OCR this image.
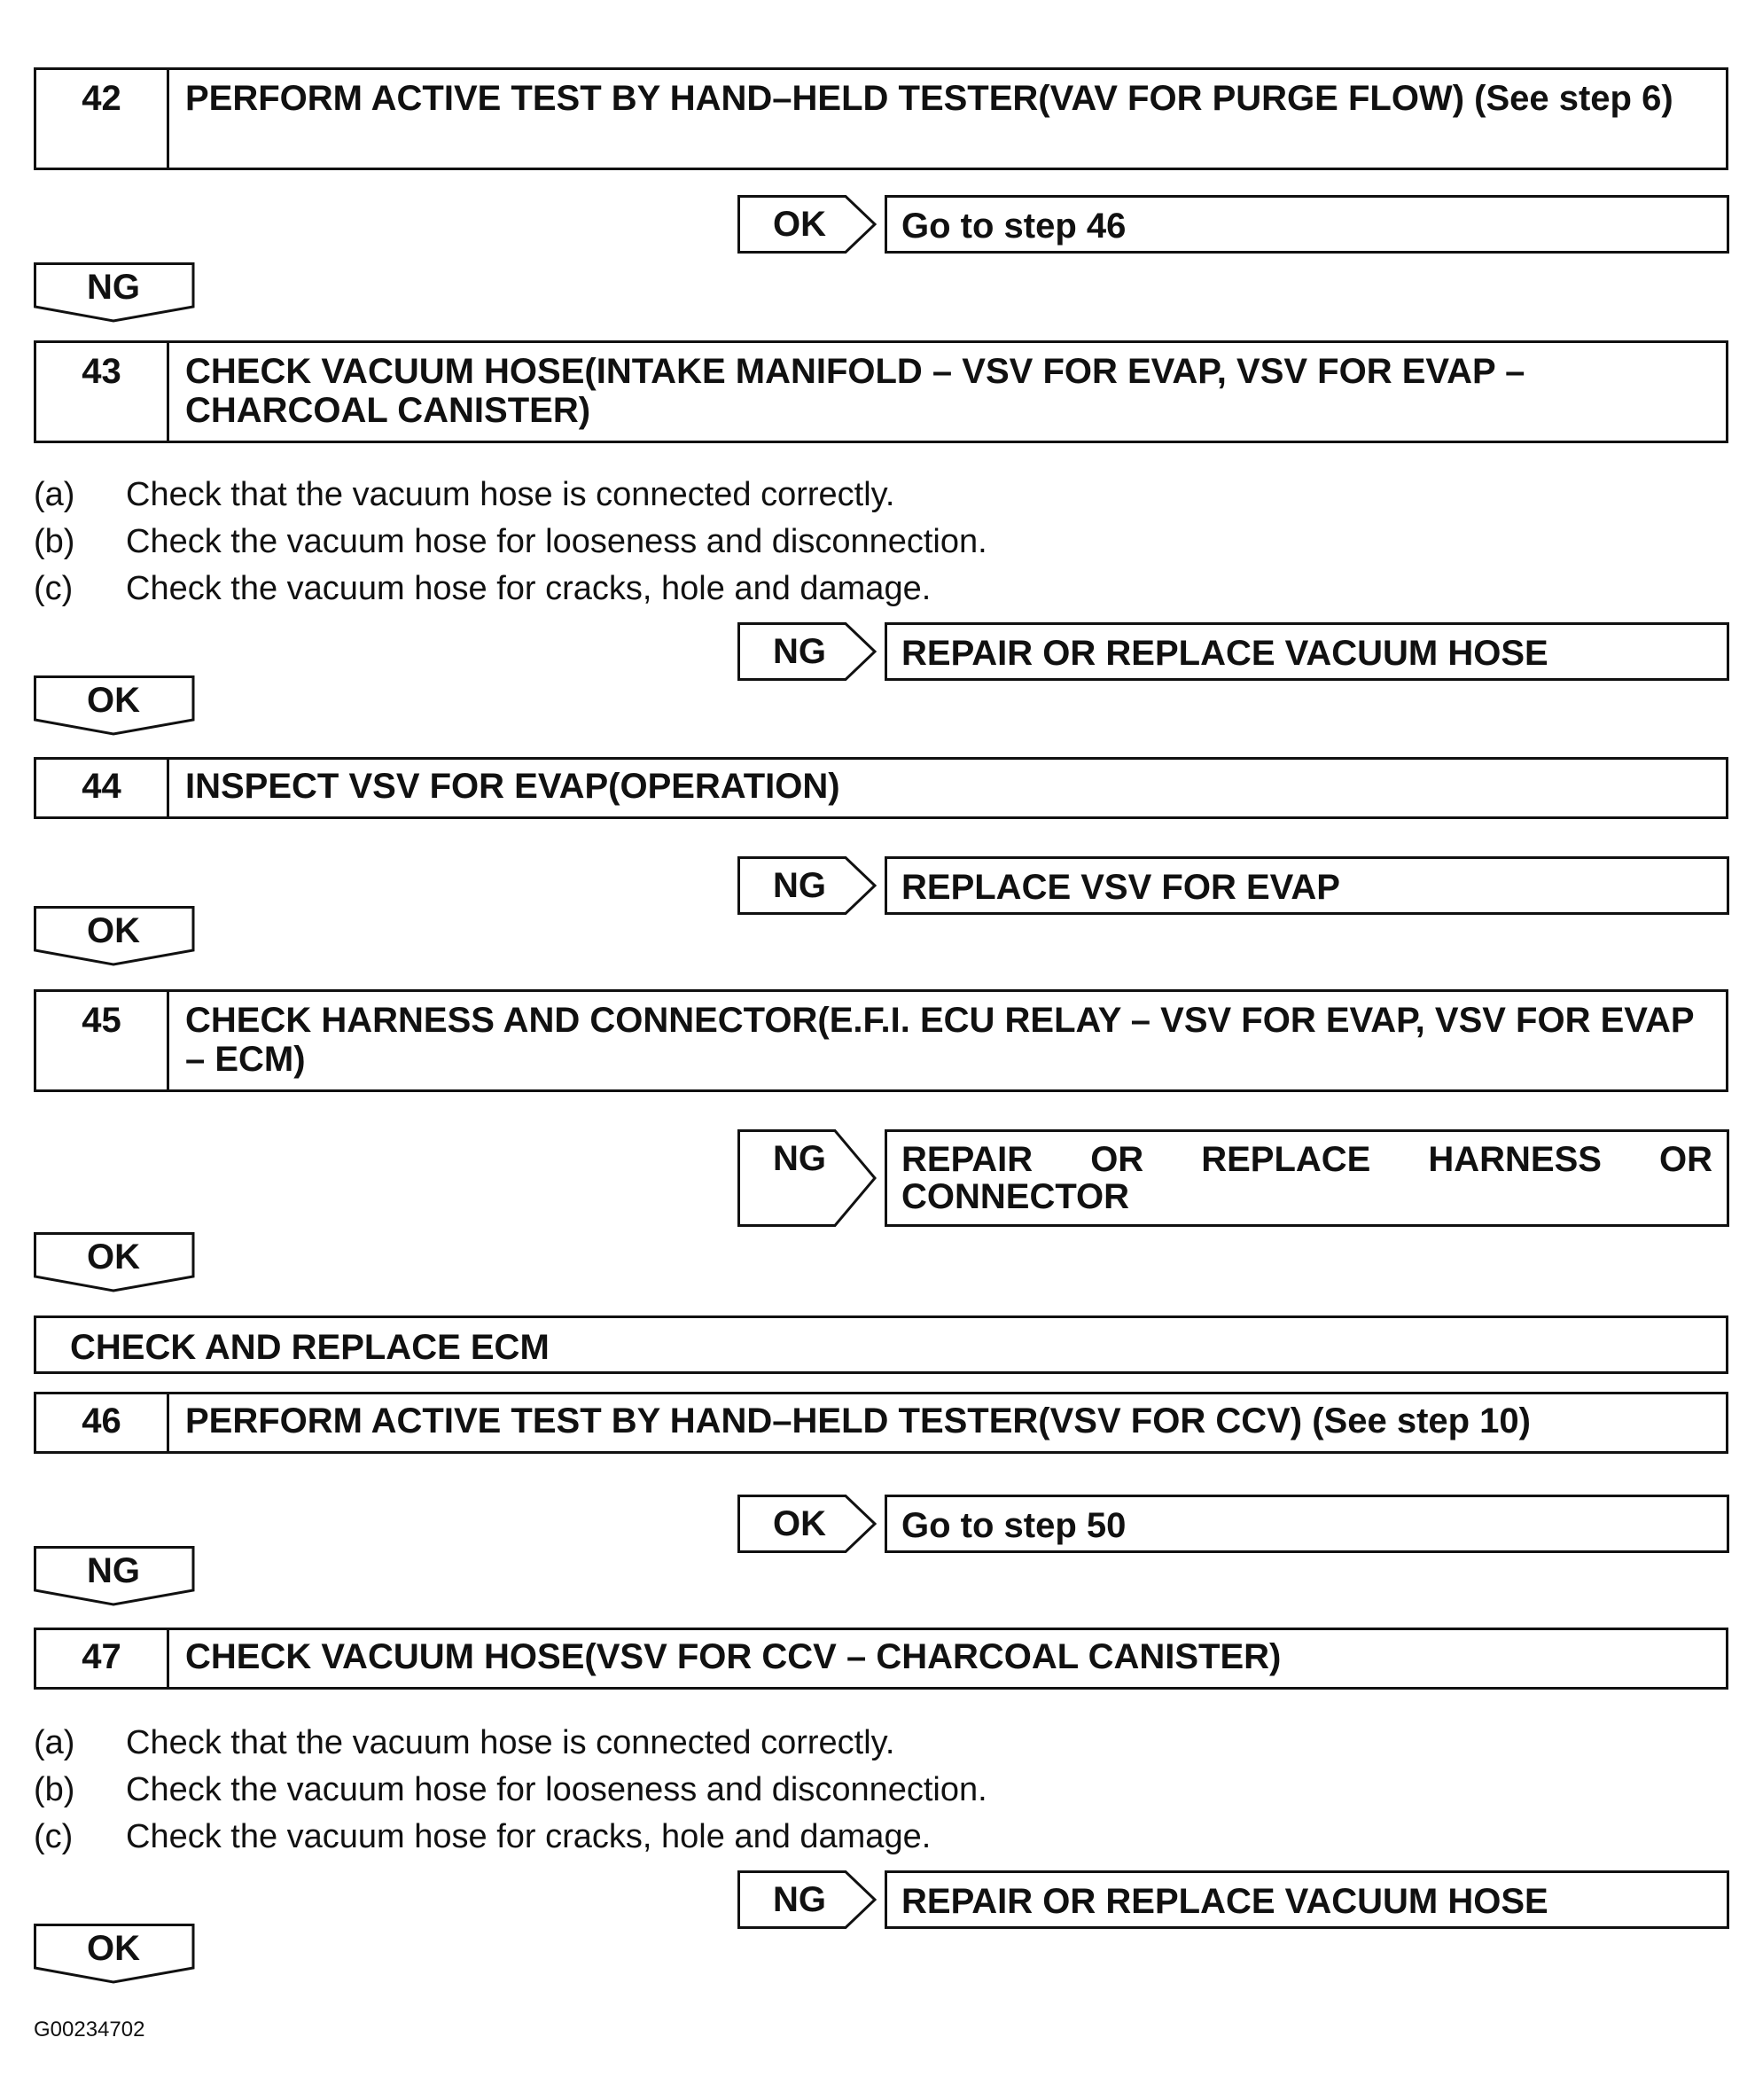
42	PERFORM ACTIVE TEST BY HAND–HELD TESTER(VAV FOR PURGE FLOW) (See step 6)
OK	Go to step 46
NG
43	CHECK VACUUM HOSE(INTAKE MANIFOLD – VSV FOR EVAP, VSV FOR EVAP – CHARCOAL CANISTER)
(a)	Check that the vacuum hose is connected correctly.
(b)	Check the vacuum hose for looseness and disconnection.
(c)	Check the vacuum hose for cracks, hole and damage.
NG	REPAIR OR REPLACE VACUUM HOSE
OK
44	INSPECT VSV FOR EVAP(OPERATION)
NG	REPLACE VSV FOR EVAP
OK
45	CHECK HARNESS AND CONNECTOR(E.F.I. ECU RELAY – VSV FOR EVAP, VSV FOR EVAP – ECM)
NG	REPAIR OR REPLACE HARNESS OR CONNECTOR
OK
CHECK AND REPLACE ECM
46	PERFORM ACTIVE TEST BY HAND–HELD TESTER(VSV FOR CCV) (See step 10)
OK	Go to step 50
NG
47	CHECK VACUUM HOSE(VSV FOR CCV – CHARCOAL CANISTER)
(a)	Check that the vacuum hose is connected correctly.
(b)	Check the vacuum hose for looseness and disconnection.
(c)	Check the vacuum hose for cracks, hole and damage.
NG	REPAIR OR REPLACE VACUUM HOSE
OK
G00234702
